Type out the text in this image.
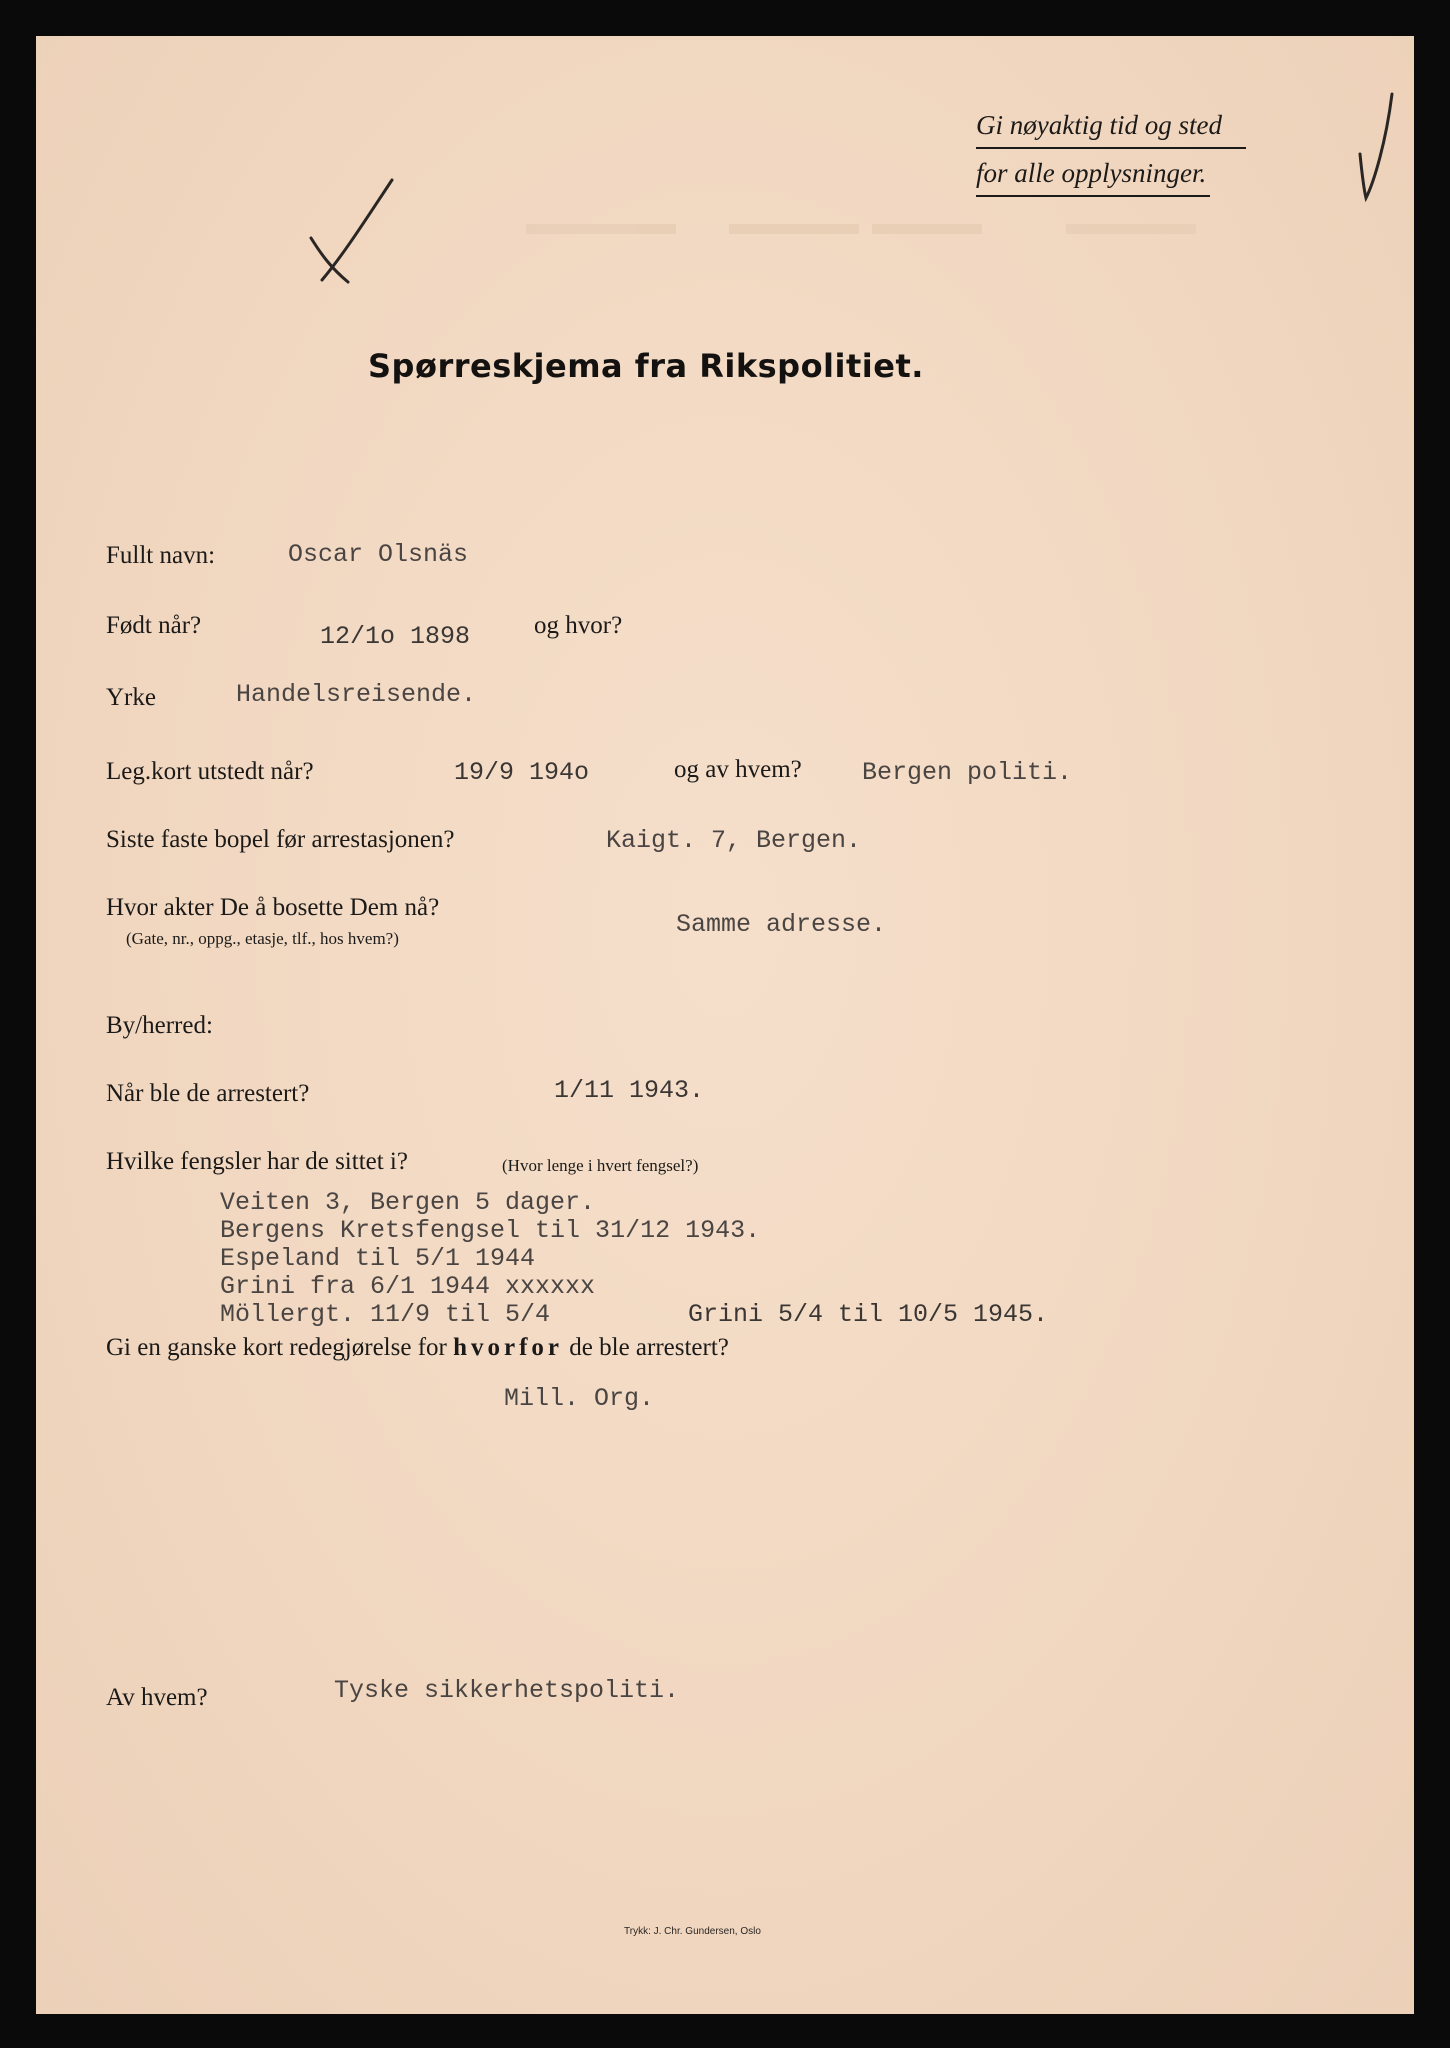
Gi nøyaktig tid og sted
for alle opplysninger.

Spørreskjema fra Rikspolitiet.
Fullt navn:	Oscar Olsnäs
Født når?	12/1o 1898	og hvor?
Yrke	Handelsreisende.
Leg.kort utstedt når?	19/9 194o	og av hvem? Bergen politi.
Siste faste bopel før arrestasjonen?	Kaigt. 7, Bergen.
Hvor akter De å bosette Dem nå?
(Gate, nr., oppg., etasje, tlf., hos hvem?)	Samme adresse.
By/herred:
Når ble de arrestert?	1/11 1943.
Hvilke fengsler har de sittet i?	(Hvor lenge i hvert fengsel?)
Veiten 3, Bergen 5 dager.
Bergens Kretsfengsel til 31/12 1943.
Espeland til 5/1 1944
Grini fra 6/1 1944 xxxxxx
Möllergt. 11/9 til 5/4	Grini 5/4 til 10/5 1945.
Gi en ganske kort redegjørelse for hvorfor de ble arrestert?
Mill. Org.
Av hvem?	Tyske sikkerhetspoliti.
Trykk: J. Chr. Gundersen, Oslo
